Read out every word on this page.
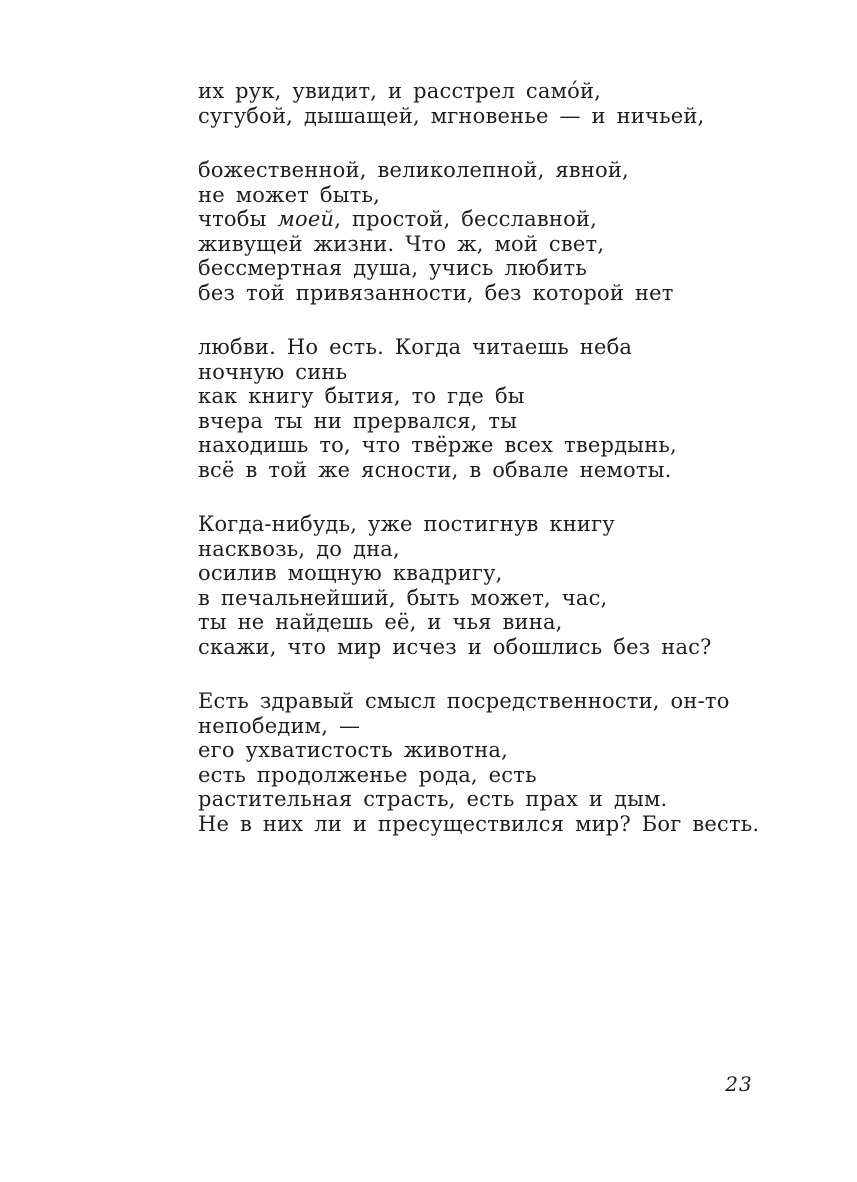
их рук, увидит, и расстрел само́й,
сугубой, дышащей, мгновенье — и ничьей,
божественной, великолепной, явной,
не может быть,
чтобы моей, простой, бесславной,
живущей жизни. Что ж, мой свет,
бессмертная душа, учись любить
без той привязанности, без которой нет
любви. Но есть. Когда читаешь неба
ночную синь
как книгу бытия, то где бы
вчера ты ни прервался, ты
находишь то, что твёрже всех твердынь,
всё в той же ясности, в обвале немоты.
Когда-нибудь, уже постигнув книгу
насквозь, до дна,
осилив мощную квадригу,
в печальнейший, быть может, час,
ты не найдешь её, и чья вина,
скажи, что мир исчез и обошлись без нас?
Есть здравый смысл посредственности, он-то
непобедим, —
его ухватистость животна,
есть продолженье рода, есть
растительная страсть, есть прах и дым.
Не в них ли и пресуществился мир? Бог весть.
23
